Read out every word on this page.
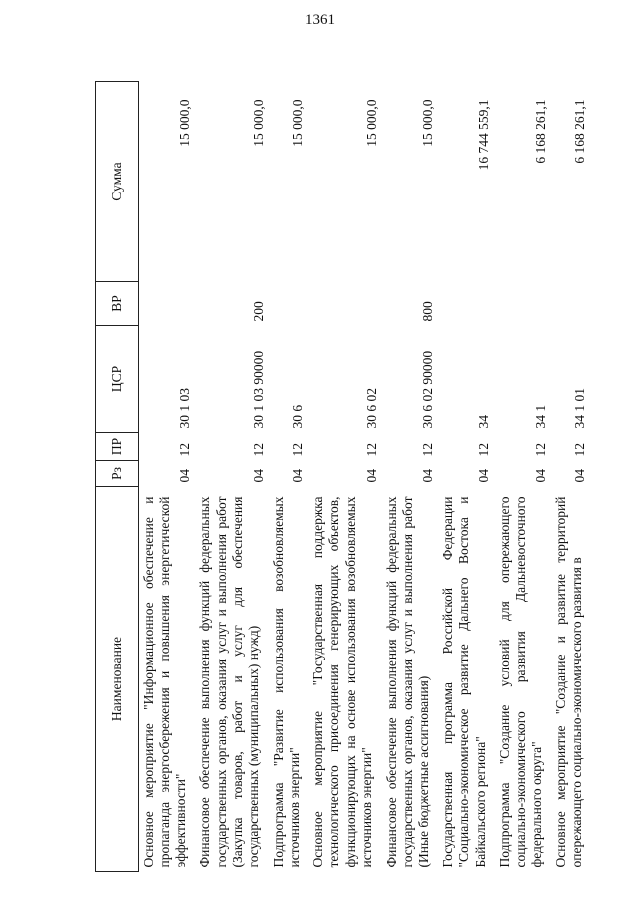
1361
Наименование	Рз	ПР	ЦСР	ВР	Сумма
Основное мероприятие "Информационное обеспечение и пропаганда энергосбережения и повышения энергетической эффективности"	04	12	30 1 03		15 000,0
Финансовое обеспечение выполнения функций федеральных государственных органов, оказания услуг и выполнения работ (Закупка товаров, работ и услуг для обеспечения государственных (муниципальных) нужд)	04	12	30 1 03 90000	200	15 000,0
Подпрограмма "Развитие использования возобновляемых источников энергии"	04	12	30 6		15 000,0
Основное мероприятие "Государственная поддержка технологического присоединения генерирующих объектов, функционирующих на основе использования возобновляемых источников энергии"	04	12	30 6 02		15 000,0
Финансовое обеспечение выполнения функций федеральных государственных органов, оказания услуг и выполнения работ (Иные бюджетные ассигнования)	04	12	30 6 02 90000	800	15 000,0
Государственная программа Российской Федерации "Социально-экономическое развитие Дальнего Востока и Байкальского региона"	04	12	34		16 744 559,1
Подпрограмма "Создание условий для опережающего социально-экономического развития Дальневосточного федерального округа"	04	12	34 1		6 168 261,1
Основное мероприятие "Создание и развитие территорий опережающего социально-экономического развития в	04	12	34 1 01		6 168 261,1
